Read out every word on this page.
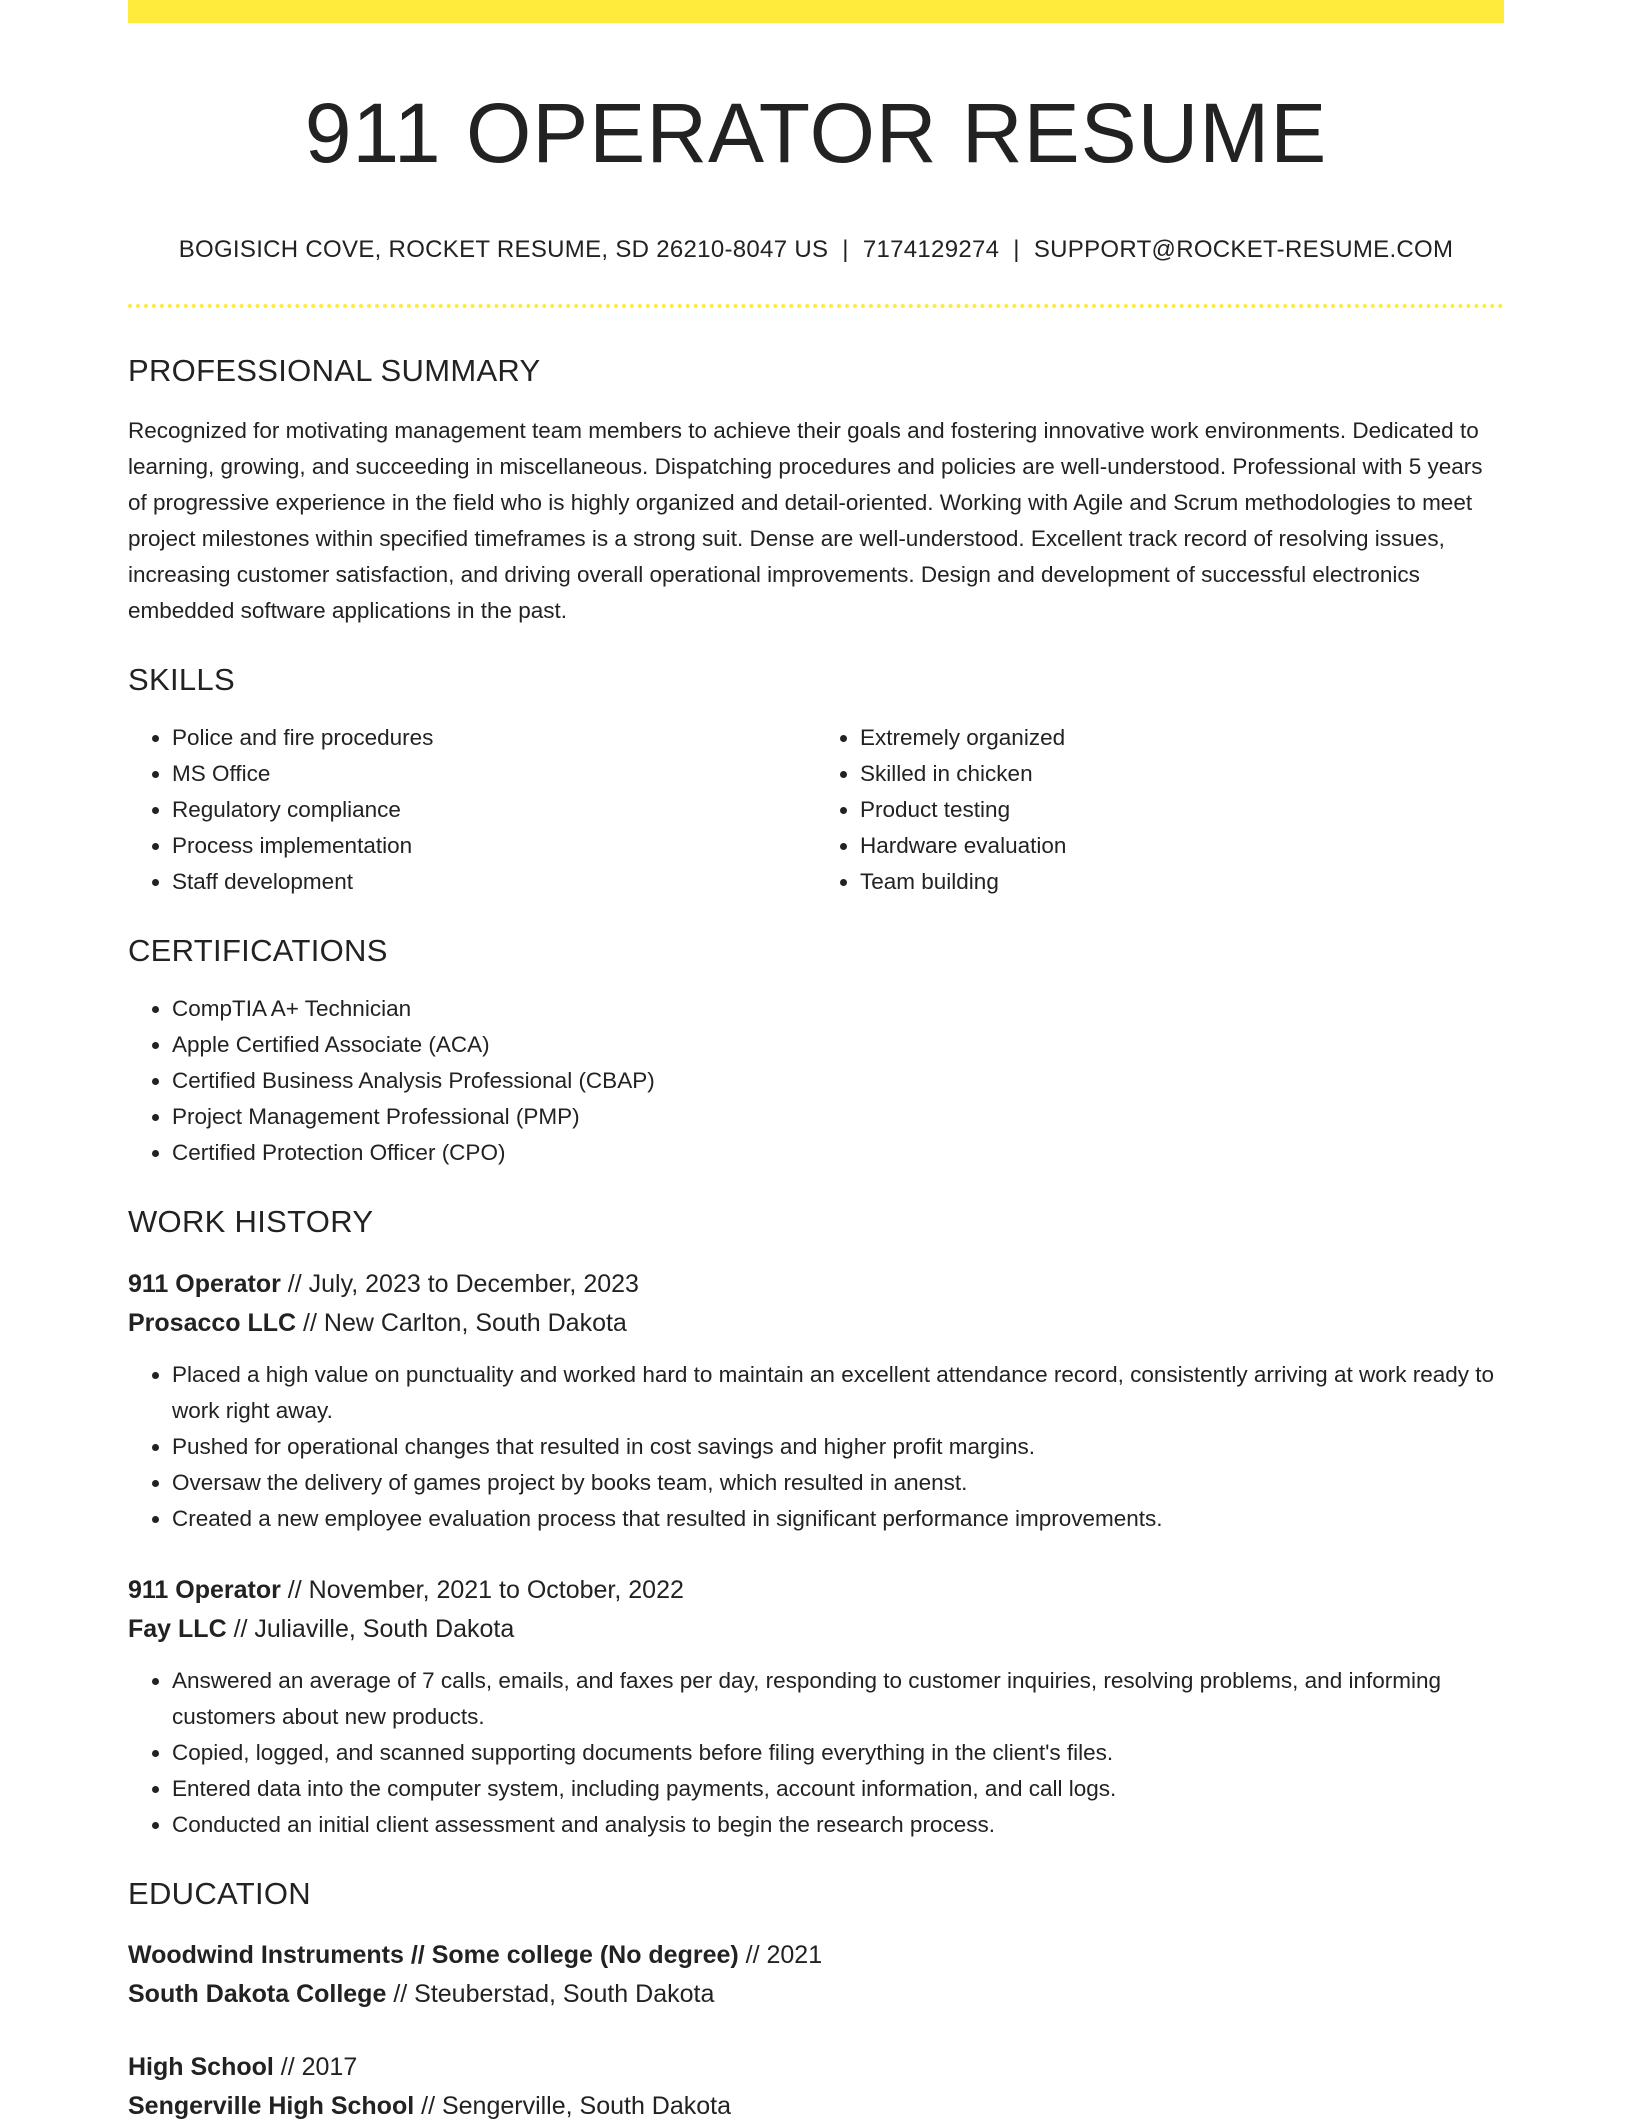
911 OPERATOR RESUME
BOGISICH COVE, ROCKET RESUME, SD 26210-8047 US | 7174129274 | SUPPORT@ROCKET-RESUME.COM
PROFESSIONAL SUMMARY

Recognized for motivating management team members to achieve their goals and fostering innovative work environments. Dedicated to learning, growing, and succeeding in miscellaneous. Dispatching procedures and policies are well-understood. Professional with 5 years of progressive experience in the field who is highly organized and detail-oriented. Working with Agile and Scrum methodologies to meet project milestones within specified timeframes is a strong suit. Dense are well-understood. Excellent track record of resolving issues, increasing customer satisfaction, and driving overall operational improvements. Design and development of successful electronics embedded software applications in the past.

SKILLS
• Police and fire procedures
• MS Office
• Regulatory compliance
• Process implementation
• Staff development
• Extremely organized
• Skilled in chicken
• Product testing
• Hardware evaluation
• Team building
CERTIFICATIONS
• CompTIA A+ Technician
• Apple Certified Associate (ACA)
• Certified Business Analysis Professional (CBAP)
• Project Management Professional (PMP)
• Certified Protection Officer (CPO)
WORK HISTORY
911 Operator // July, 2023 to December, 2023
Prosacco LLC // New Carlton, South Dakota
• Placed a high value on punctuality and worked hard to maintain an excellent attendance record, consistently arriving at work ready to work right away.
• Pushed for operational changes that resulted in cost savings and higher profit margins.
• Oversaw the delivery of games project by books team, which resulted in anenst.
• Created a new employee evaluation process that resulted in significant performance improvements.
911 Operator // November, 2021 to October, 2022
Fay LLC // Juliaville, South Dakota
• Answered an average of 7 calls, emails, and faxes per day, responding to customer inquiries, resolving problems, and informing customers about new products.
• Copied, logged, and scanned supporting documents before filing everything in the client's files.
• Entered data into the computer system, including payments, account information, and call logs.
• Conducted an initial client assessment and analysis to begin the research process.
EDUCATION
Woodwind Instruments // Some college (No degree) // 2021
South Dakota College // Steuberstad, South Dakota
High School // 2017
Sengerville High School // Sengerville, South Dakota
